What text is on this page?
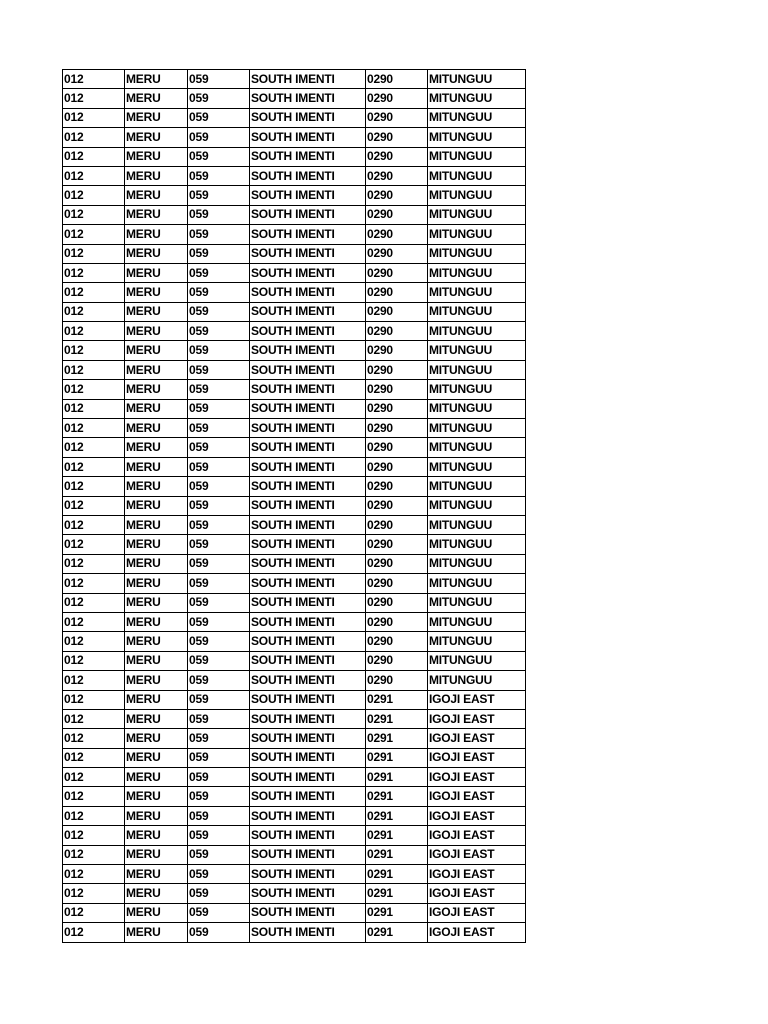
012	MERU	059	SOUTH IMENTI	0290	MITUNGUU
012	MERU	059	SOUTH IMENTI	0290	MITUNGUU
012	MERU	059	SOUTH IMENTI	0290	MITUNGUU
012	MERU	059	SOUTH IMENTI	0290	MITUNGUU
012	MERU	059	SOUTH IMENTI	0290	MITUNGUU
012	MERU	059	SOUTH IMENTI	0290	MITUNGUU
012	MERU	059	SOUTH IMENTI	0290	MITUNGUU
012	MERU	059	SOUTH IMENTI	0290	MITUNGUU
012	MERU	059	SOUTH IMENTI	0290	MITUNGUU
012	MERU	059	SOUTH IMENTI	0290	MITUNGUU
012	MERU	059	SOUTH IMENTI	0290	MITUNGUU
012	MERU	059	SOUTH IMENTI	0290	MITUNGUU
012	MERU	059	SOUTH IMENTI	0290	MITUNGUU
012	MERU	059	SOUTH IMENTI	0290	MITUNGUU
012	MERU	059	SOUTH IMENTI	0290	MITUNGUU
012	MERU	059	SOUTH IMENTI	0290	MITUNGUU
012	MERU	059	SOUTH IMENTI	0290	MITUNGUU
012	MERU	059	SOUTH IMENTI	0290	MITUNGUU
012	MERU	059	SOUTH IMENTI	0290	MITUNGUU
012	MERU	059	SOUTH IMENTI	0290	MITUNGUU
012	MERU	059	SOUTH IMENTI	0290	MITUNGUU
012	MERU	059	SOUTH IMENTI	0290	MITUNGUU
012	MERU	059	SOUTH IMENTI	0290	MITUNGUU
012	MERU	059	SOUTH IMENTI	0290	MITUNGUU
012	MERU	059	SOUTH IMENTI	0290	MITUNGUU
012	MERU	059	SOUTH IMENTI	0290	MITUNGUU
012	MERU	059	SOUTH IMENTI	0290	MITUNGUU
012	MERU	059	SOUTH IMENTI	0290	MITUNGUU
012	MERU	059	SOUTH IMENTI	0290	MITUNGUU
012	MERU	059	SOUTH IMENTI	0290	MITUNGUU
012	MERU	059	SOUTH IMENTI	0290	MITUNGUU
012	MERU	059	SOUTH IMENTI	0290	MITUNGUU
012	MERU	059	SOUTH IMENTI	0291	IGOJI EAST
012	MERU	059	SOUTH IMENTI	0291	IGOJI EAST
012	MERU	059	SOUTH IMENTI	0291	IGOJI EAST
012	MERU	059	SOUTH IMENTI	0291	IGOJI EAST
012	MERU	059	SOUTH IMENTI	0291	IGOJI EAST
012	MERU	059	SOUTH IMENTI	0291	IGOJI EAST
012	MERU	059	SOUTH IMENTI	0291	IGOJI EAST
012	MERU	059	SOUTH IMENTI	0291	IGOJI EAST
012	MERU	059	SOUTH IMENTI	0291	IGOJI EAST
012	MERU	059	SOUTH IMENTI	0291	IGOJI EAST
012	MERU	059	SOUTH IMENTI	0291	IGOJI EAST
012	MERU	059	SOUTH IMENTI	0291	IGOJI EAST
012	MERU	059	SOUTH IMENTI	0291	IGOJI EAST
